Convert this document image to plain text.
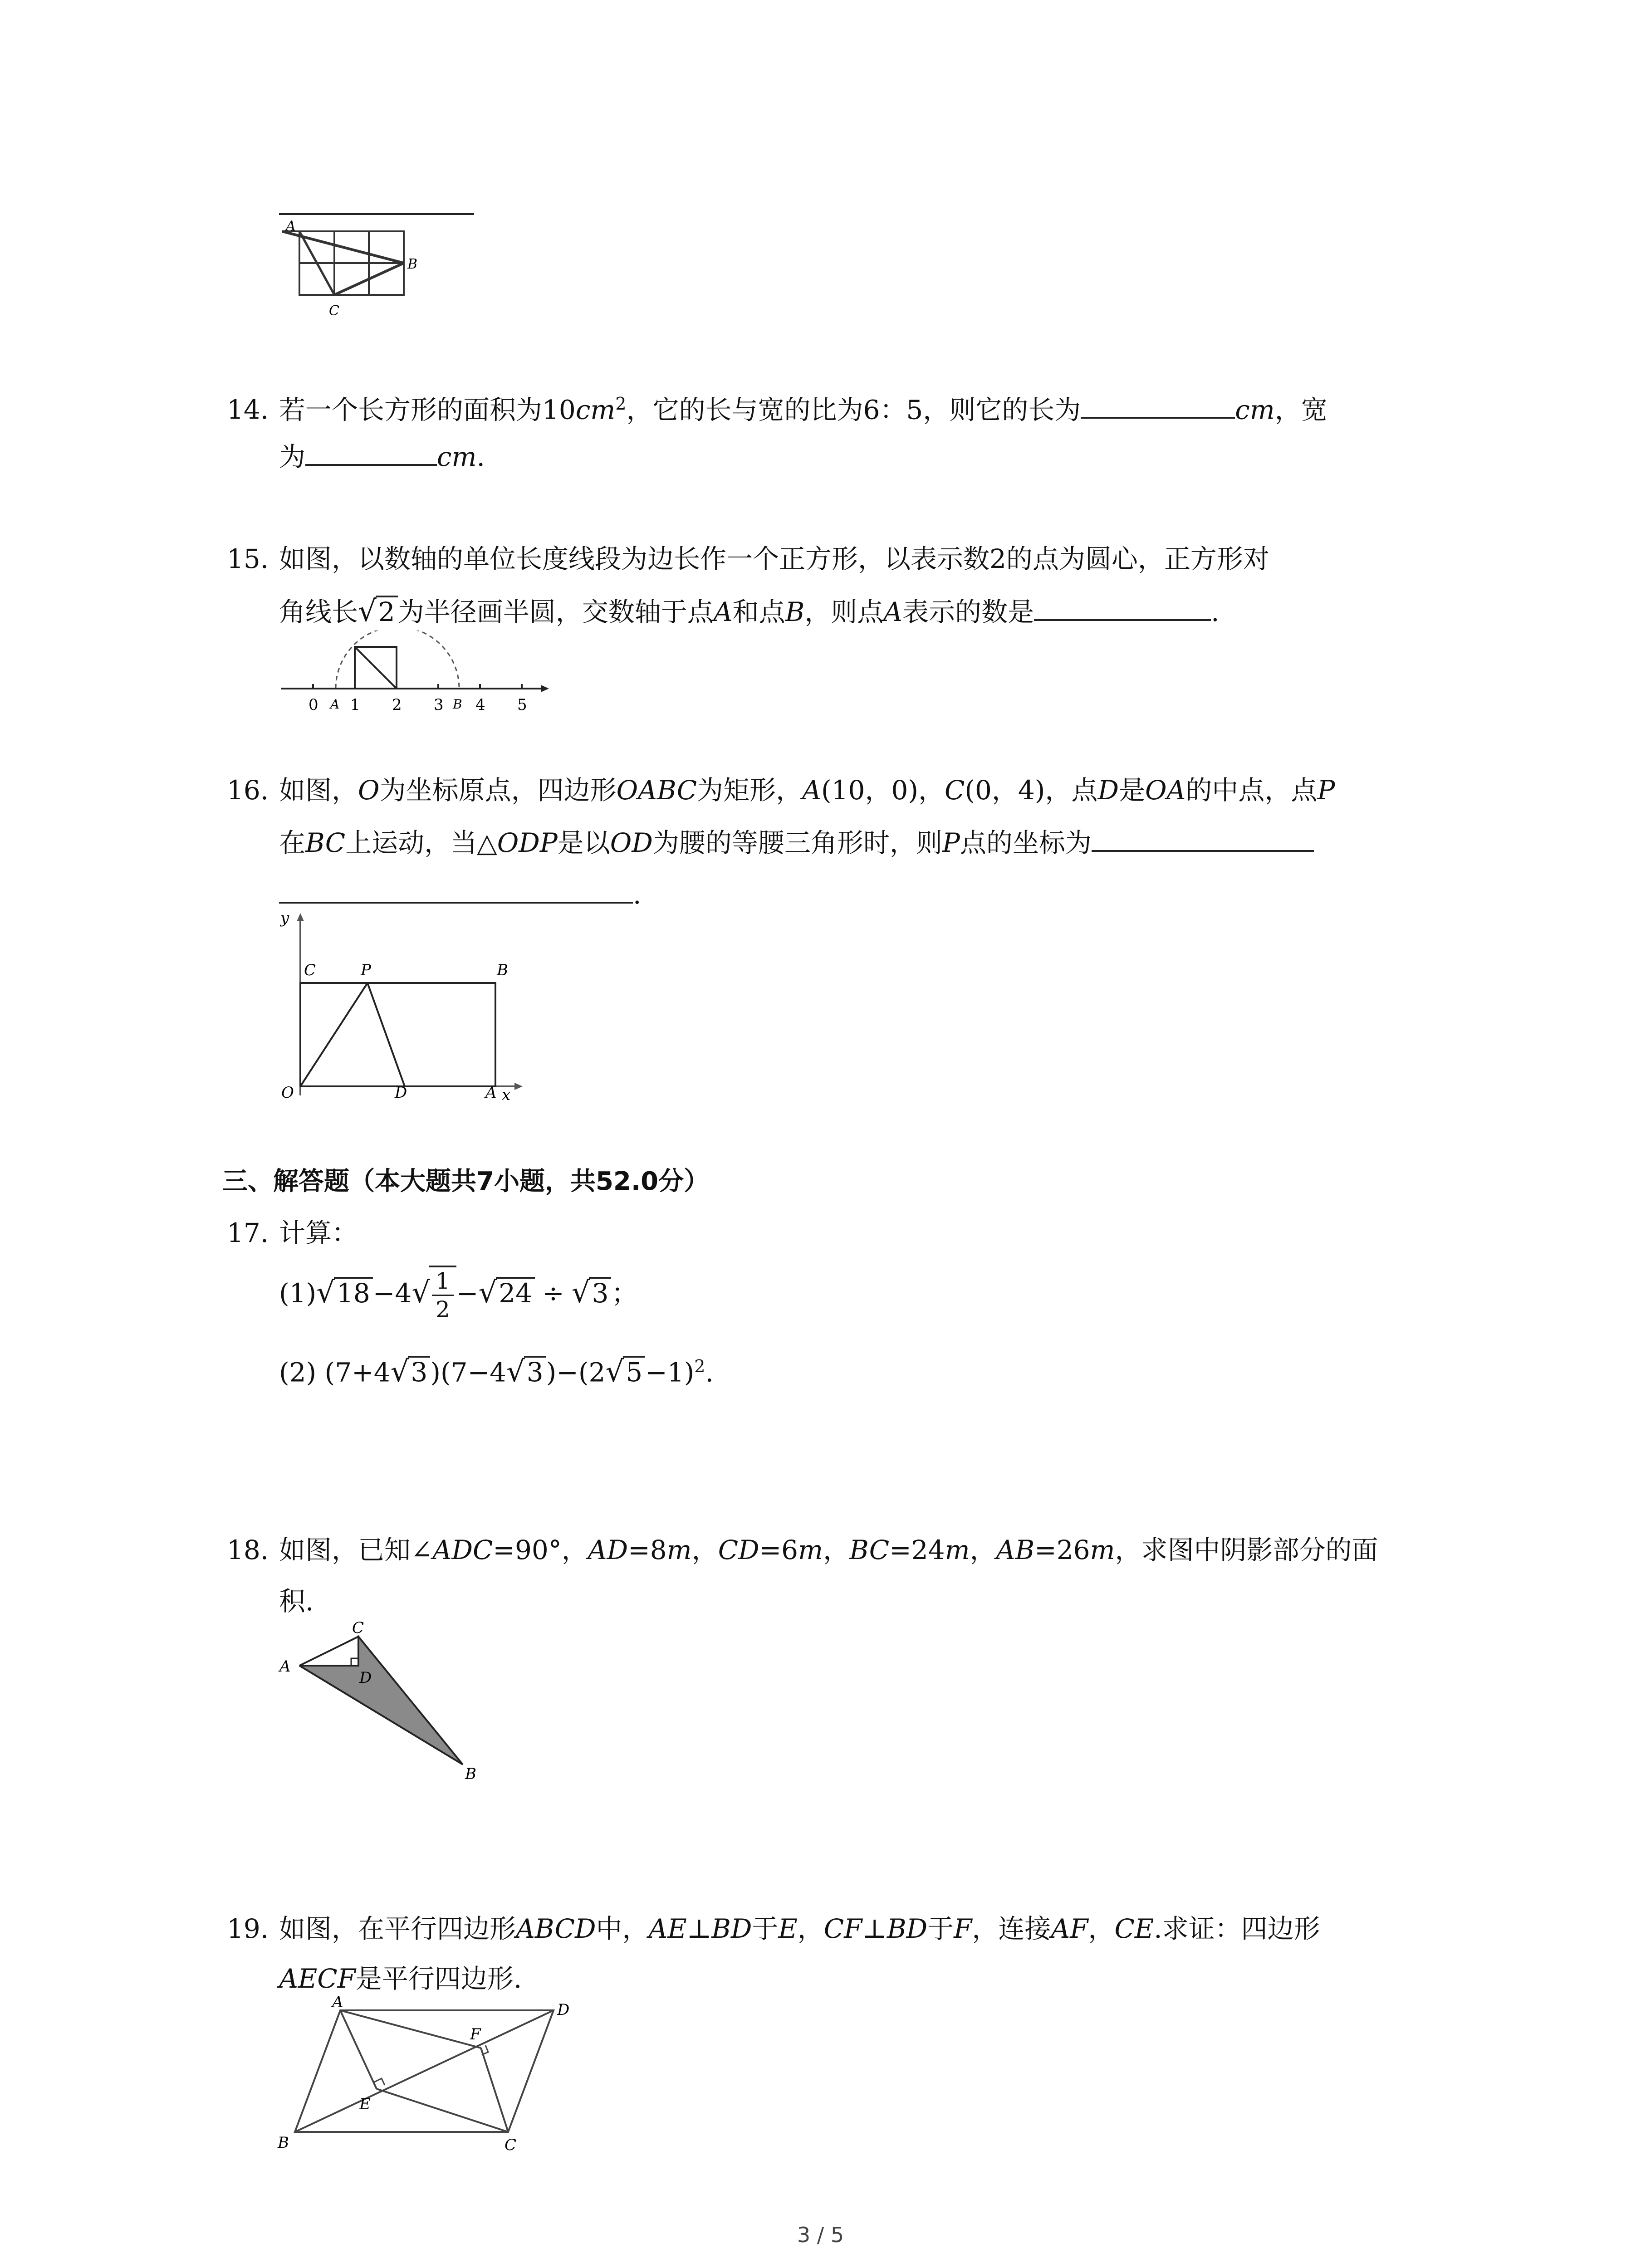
A
B
C
14. 若一个长方形的面积为$10cm^2$，它的长与宽的比为6：5，则它的长为	cm，宽
为	cm.
15. 如图，以数轴的单位长度线段为边长作一个正方形，以表示数2的点为圆心，正方形对
角线长√2 为半径画半圆，交数轴于点A和点B，则点A表示的数是	.
0 1 2 3 4 5
A	B
16. 如图，O为坐标原点，四边形OABC为矩形，A(10，0)，C(0，4)，点D是OA的中点，点P
在BC上运动，当△ODP是以OD为腰的等腰三角形时，则P点的坐标为
.
y
C	P	B
O	D	A x
三、解答题（本大题共7小题，共52.0分）
17. 计算：
$(1)√18 -4√ \frac{1}{2} -√24 \div √3$ ；
(2) (7+4√3 )(7−4√3 )$-(2√5 -1)^2$.
18. 如图，已知∠ADC=90°，AD=8m，CD=6m，BC=24m，AB=26m，求图中阴影部分的面
积.
C
A
D
B
19. 如图，在平行四边形ABCD中，AE⊥BD于E，CF⊥BD于F，连接AF，CE.求证：四边形
AECF是平行四边形.
A	D
F
E
B	C
3 / 5
